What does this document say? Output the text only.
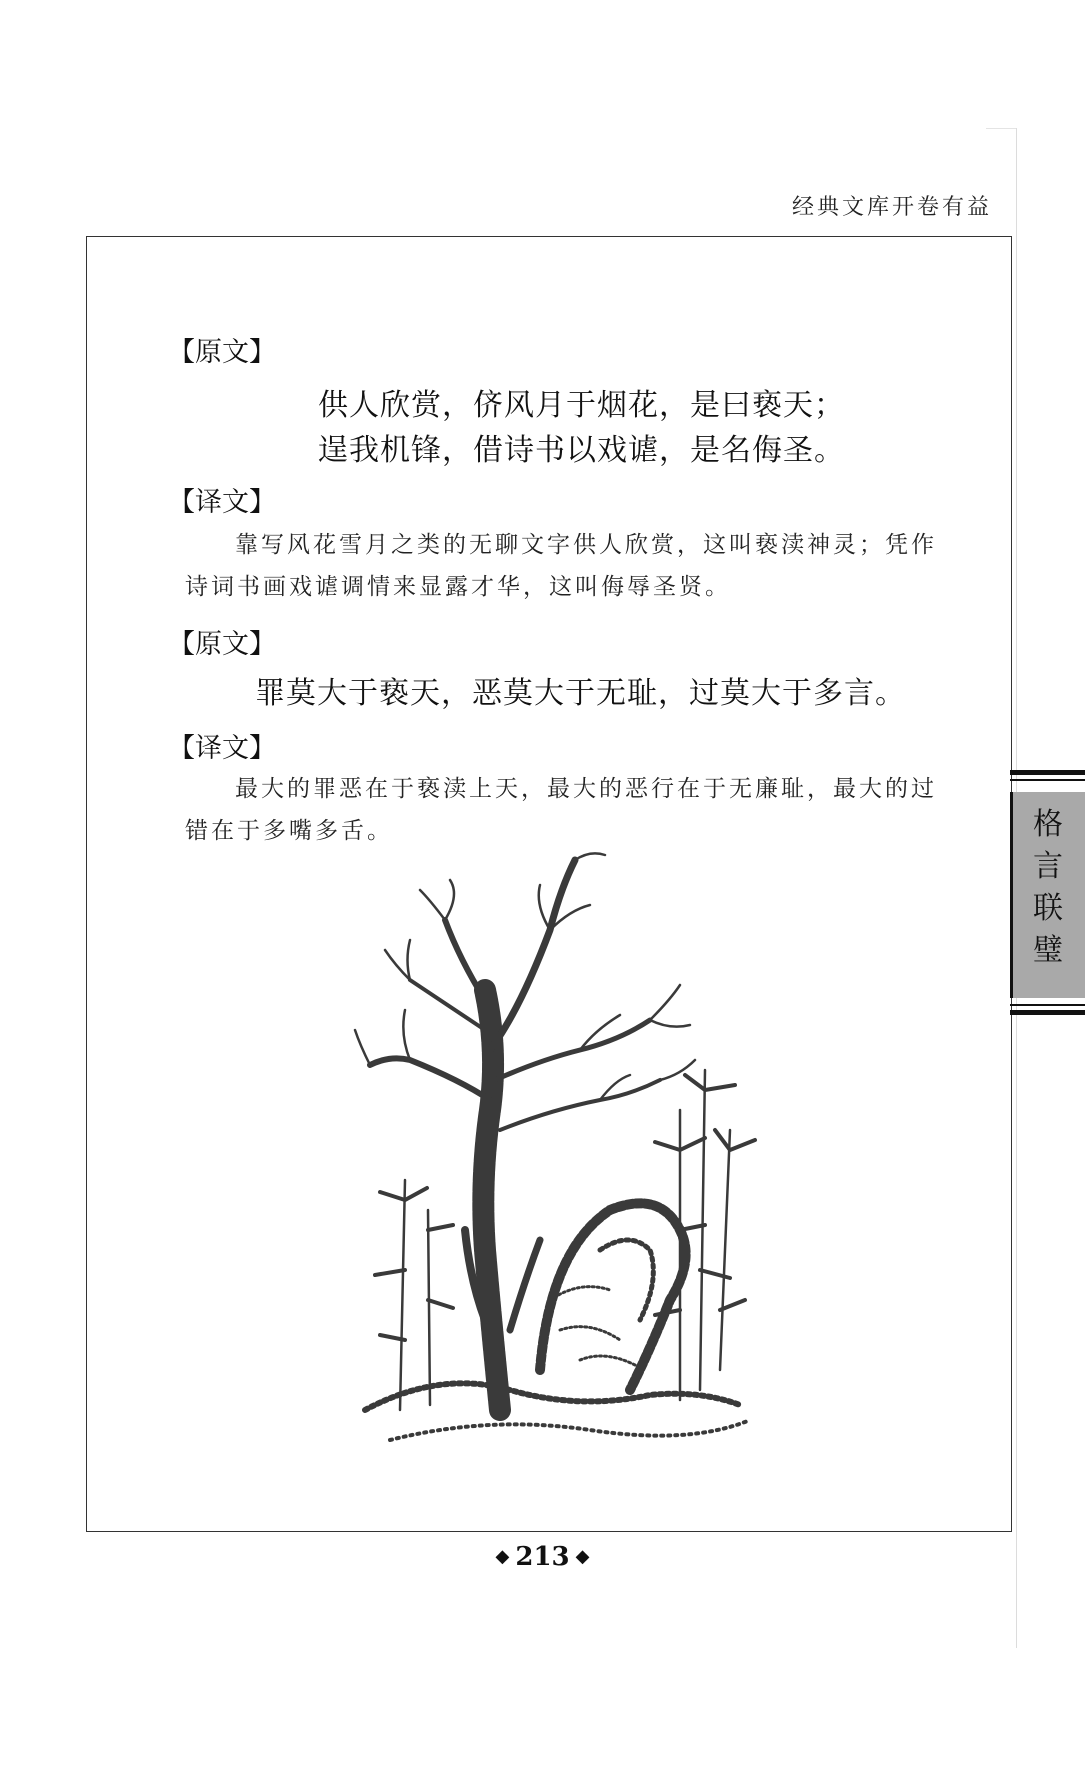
经典文库开卷有益
【原文】
供人欣赏，侪风月于烟花，是曰亵天；
逞我机锋，借诗书以戏谑，是名侮圣。
【译文】

靠写风花雪月之类的无聊文字供人欣赏，这叫亵渎神灵；凭作

诗词书画戏谑调情来显露才华，这叫侮辱圣贤。

【原文】
罪莫大于亵天，恶莫大于无耻，过莫大于多言。
【译文】

最大的罪恶在于亵渎上天，最大的恶行在于无廉耻，最大的过

错在于多嘴多舌。	格
言
联
璧
◆ 213 ◆
